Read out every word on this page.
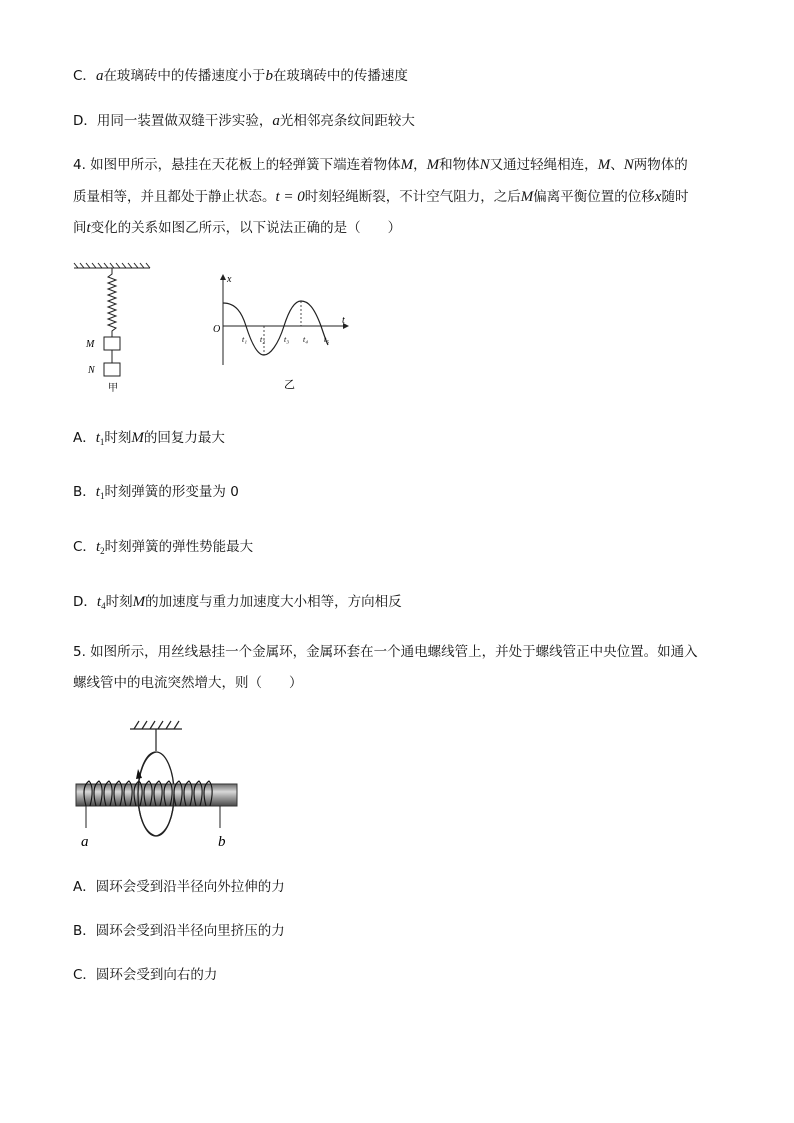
C．a在玻璃砖中的传播速度小于b在玻璃砖中的传播速度
D．用同一装置做双缝干涉实验，a光相邻亮条纹间距较大
4. 如图甲所示，悬挂在天花板上的轻弹簧下端连着物体M，M和物体N又通过轻绳相连，M、N两物体的
质量相等，并且都处于静止状态。t = 0时刻轻绳断裂，不计空气阻力，之后M偏离平衡位置的位移x随时
间t变化的关系如图乙所示，以下说法正确的是（　　）
M
N
甲
x
t
O
t₁ t₂ t₃ t₄ t₅
乙
A．$t_1$时刻M的回复力最大
B．$t_1$时刻弹簧的形变量为 0
C．$t_2$时刻弹簧的弹性势能最大
D．$t_4$时刻M的加速度与重力加速度大小相等，方向相反
5. 如图所示，用丝线悬挂一个金属环，金属环套在一个通电螺线管上，并处于螺线管正中央位置。如通入
螺线管中的电流突然增大，则（　　）
a	b
A．圆环会受到沿半径向外拉伸的力
B．圆环会受到沿半径向里挤压的力
C．圆环会受到向右的力
